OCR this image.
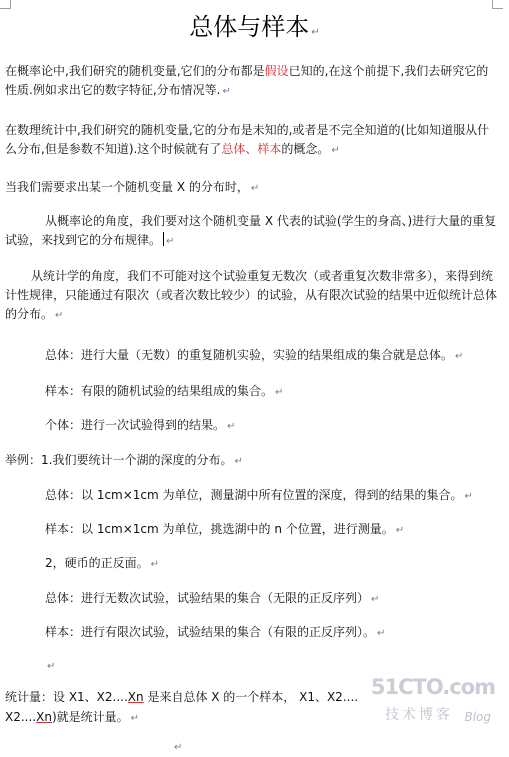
总体与样本 ↵

在概率论中,我们研究的随机变量,它们的分布都是假设已知的,在这个前提下,我们去研究它的性质.例如求出它的数字特征,分布情况等. ↵

在数理统计中,我们研究的随机变量,它的分布是未知的,或者是不完全知道的(比如知道服从什么分布,但是参数不知道).这个时候就有了总体、样本的概念。 ↵

当我们需要求出某一个随机变量 X 的分布时， ↵

从概率论的角度，我们要对这个随机变量 X 代表的试验(学生的身高、)进行大量的重复试验，来找到它的分布规律。 ↵

从统计学的角度，我们不可能对这个试验重复无数次（或者重复次数非常多），来得到统计性规律，只能通过有限次（或者次数比较少）的试验，从有限次试验的结果中近似统计总体的分布。 ↵

总体：进行大量（无数）的重复随机实验，实验的结果组成的集合就是总体。 ↵

样本：有限的随机试验的结果组成的集合。 ↵

个体：进行一次试验得到的结果。 ↵

举例：1.我们要统计一个湖的深度的分布。 ↵

总体：以 1cm×1cm 为单位，测量湖中所有位置的深度，得到的结果的集合。 ↵

样本：以 1cm×1cm 为单位，挑选湖中的 n 个位置，进行测量。 ↵

2，硬币的正反面。 ↵

总体：进行无数次试验，试验结果的集合（无限的正反序列） ↵

样本：进行有限次试验，试验结果的集合（有限的正反序列）。 ↵

↵

统计量：设 X1、X2....Xn 是来自总体 X 的一个样本， X1、X2....

X2....Xn)就是统计量。 ↵

↵

51CTO.com
技术博客 Blog
